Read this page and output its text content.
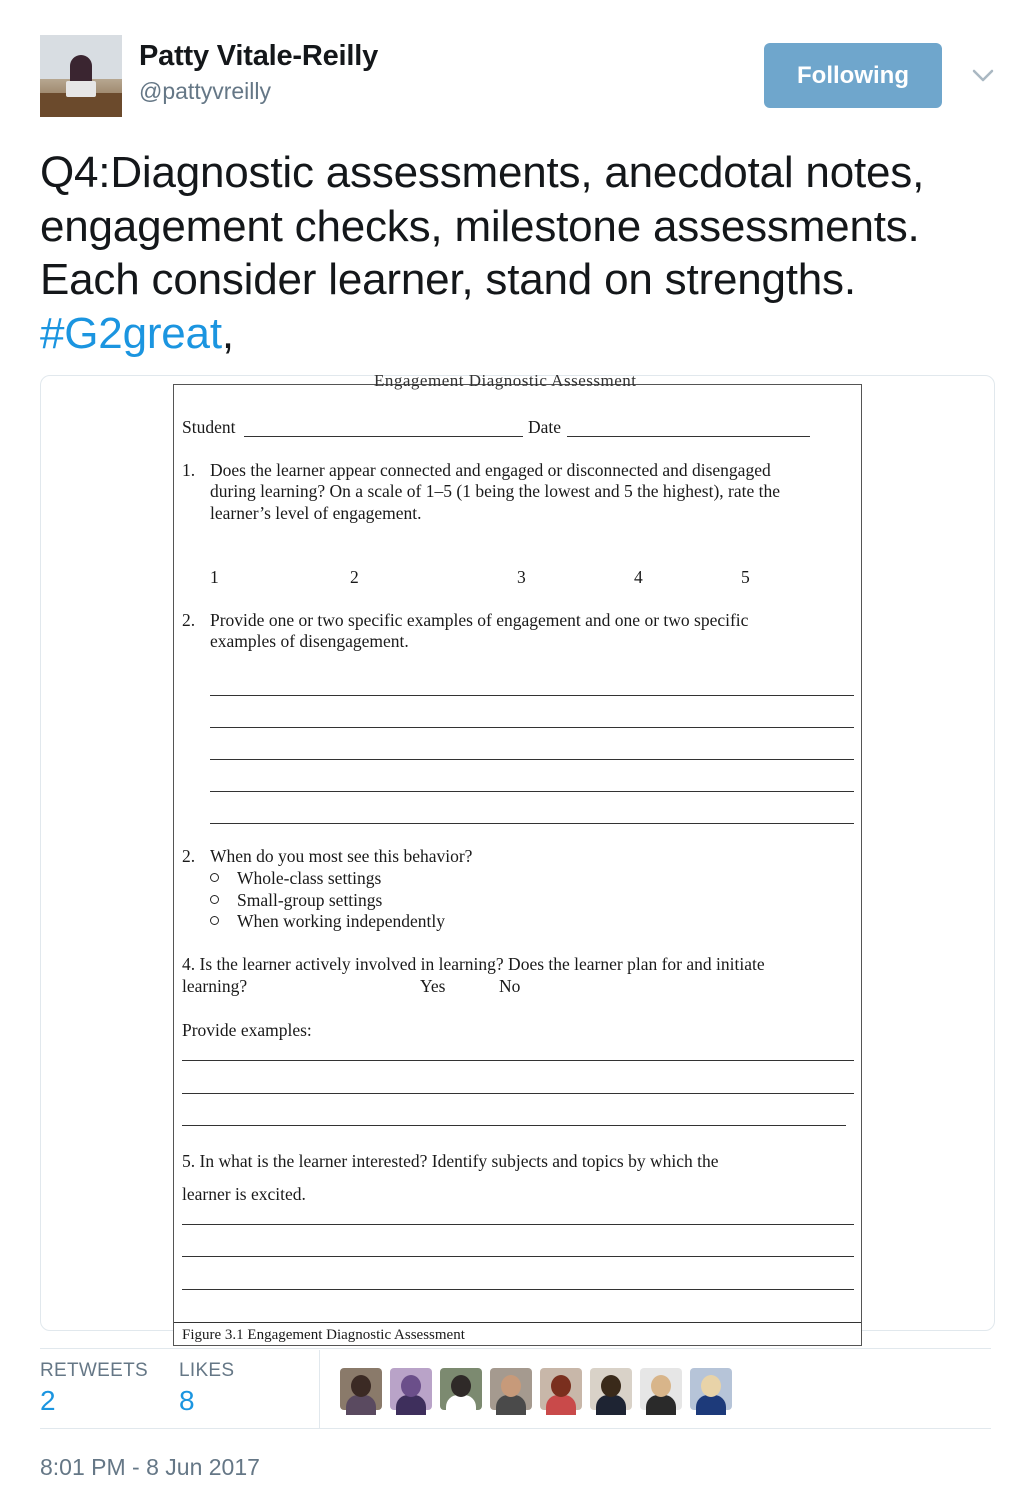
Patty Vitale-Reilly
@pattyvreilly
Following
Q4:Diagnostic assessments, anecdotal notes,
engagement checks, milestone assessments.
Each consider learner, stand on strengths.
#G2great,
Engagement Diagnostic Assessment
Student	Date
1. Does the learner appear connected and engaged or disconnected and disengaged
during learning? On a scale of 1–5 (1 being the lowest and 5 the highest), rate the
learner’s level of engagement.
1	2	3	4	5
2. Provide one or two specific examples of engagement and one or two specific
examples of disengagement.
2. When do you most see this behavior?
Whole-class settings
Small-group settings
When working independently
4. Is the learner actively involved in learning? Does the learner plan for and initiate
learning?	Yes	No
Provide examples:
5. In what is the learner interested? Identify subjects and topics by which the
learner is excited.
Figure 3.1 Engagement Diagnostic Assessment
RETWEETS
2
LIKES
8
8:01 PM - 8 Jun 2017
